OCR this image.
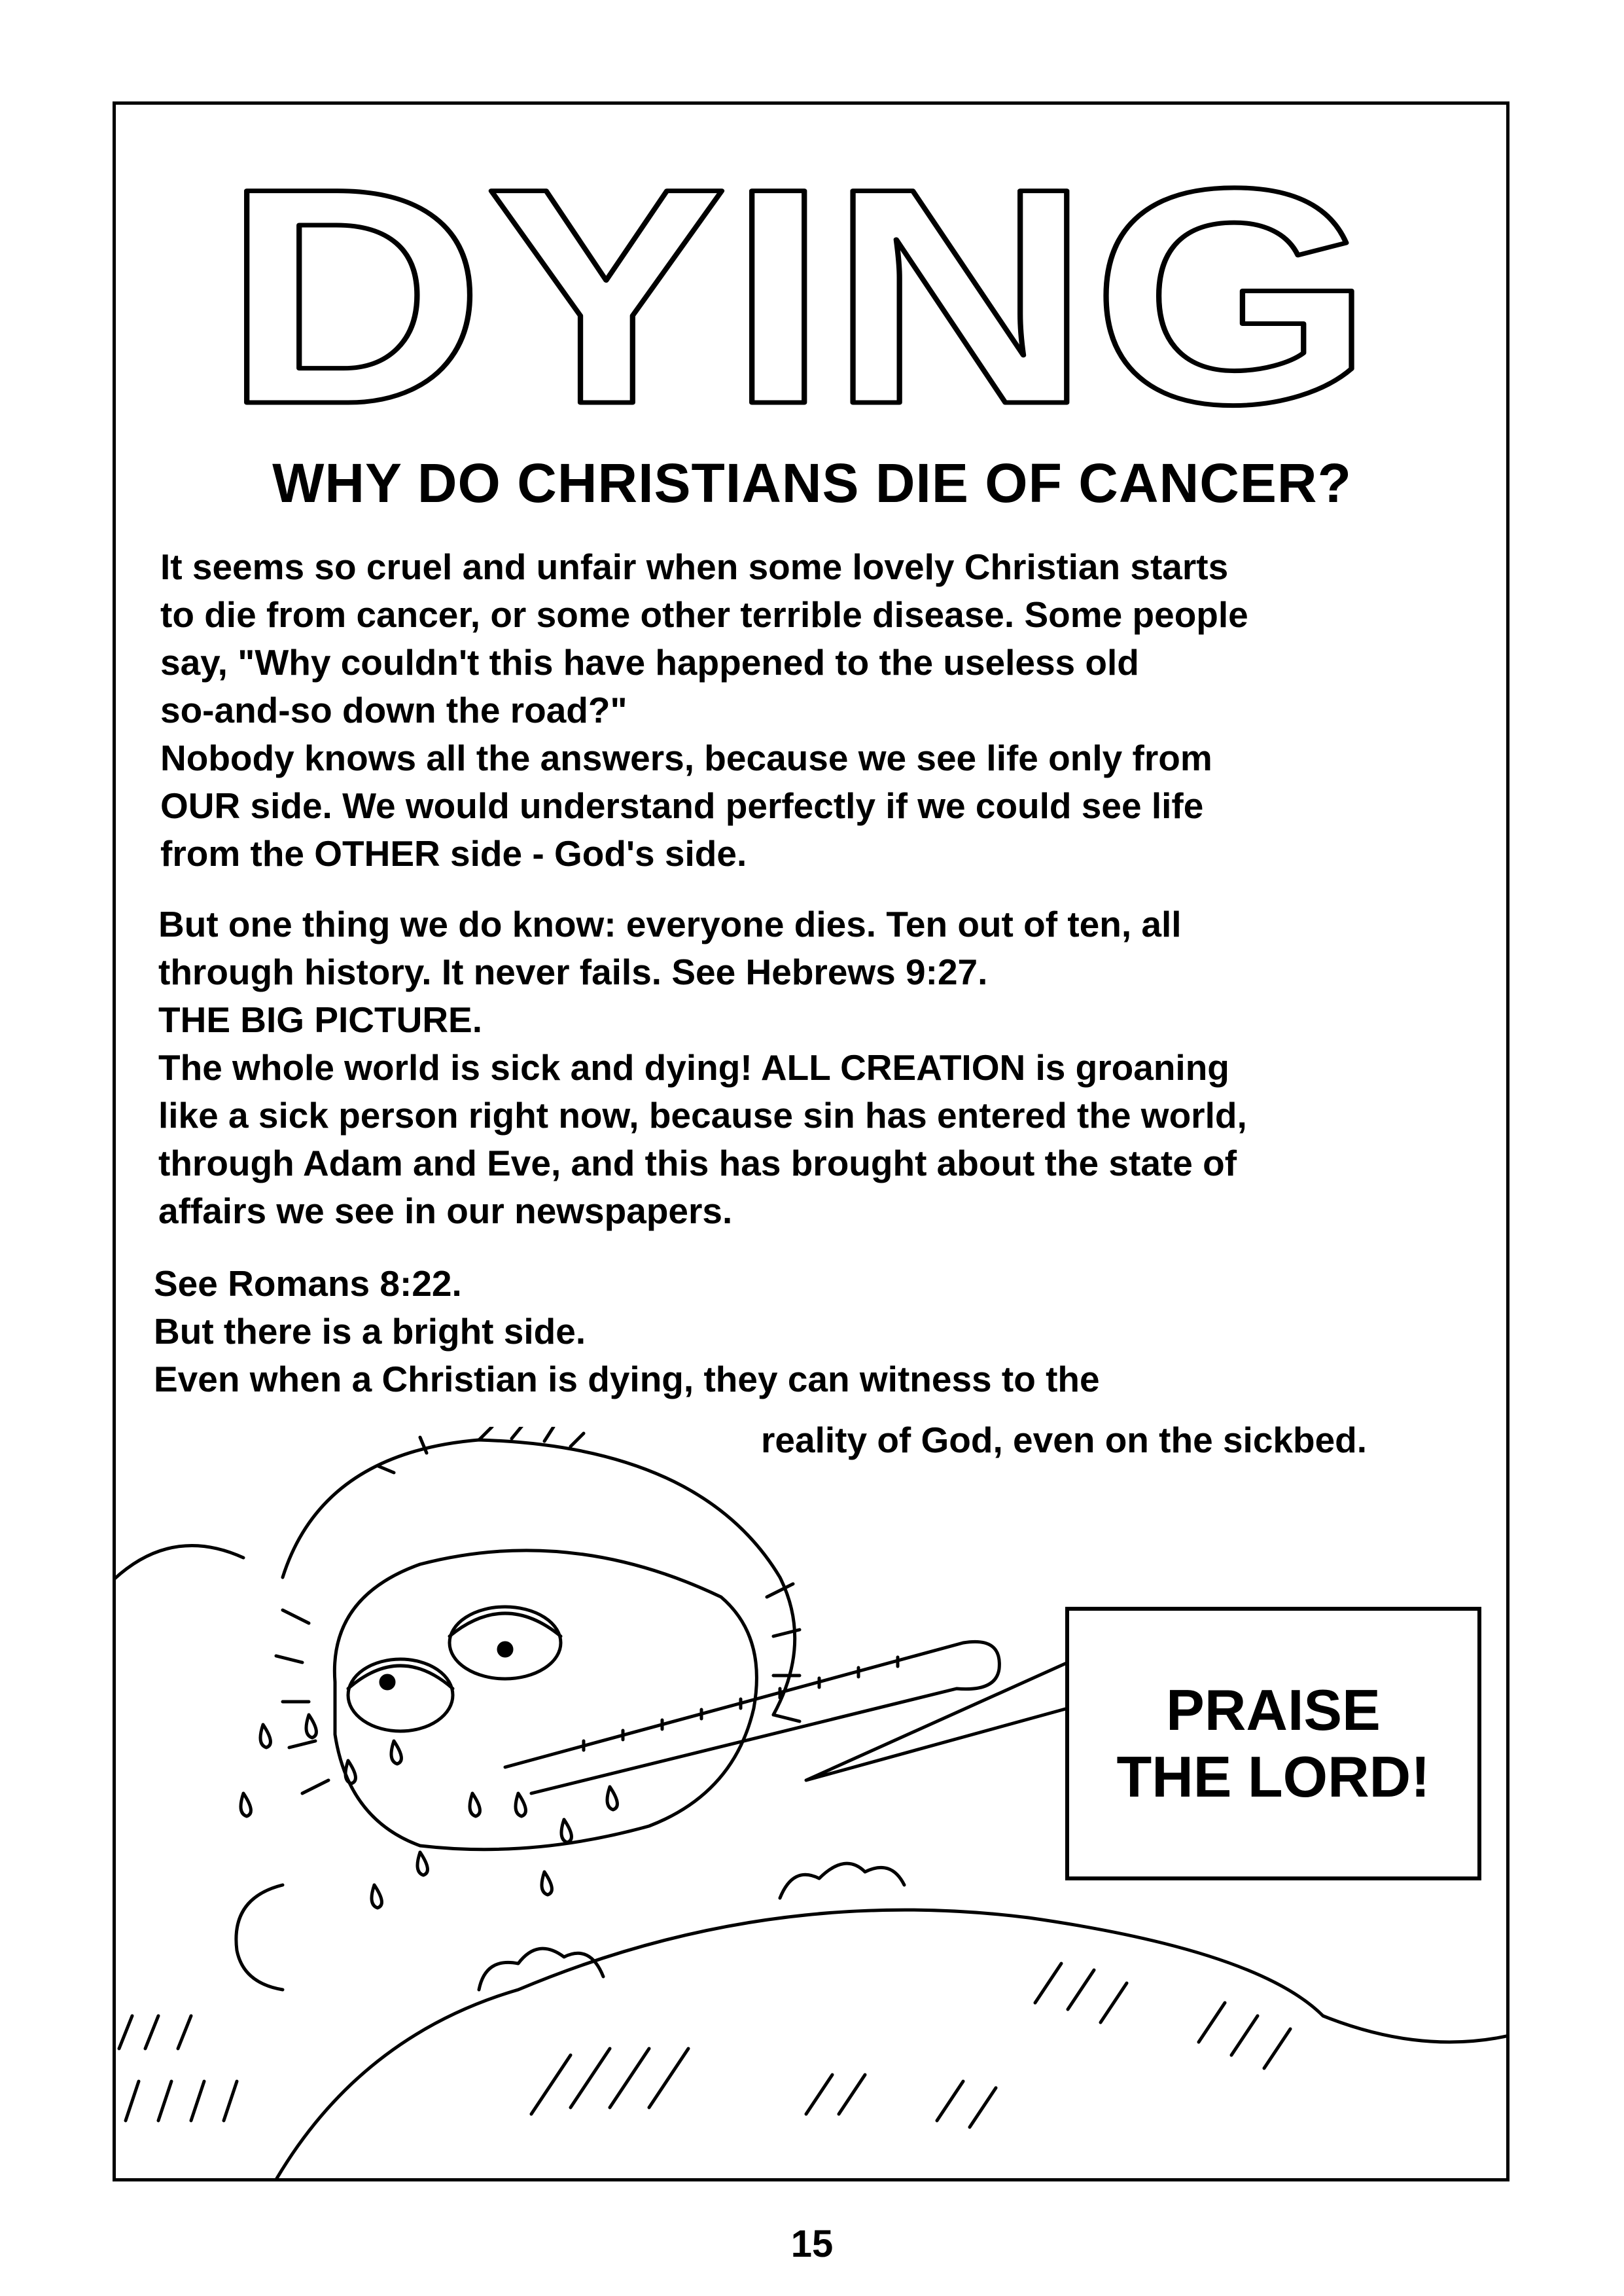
DYING
WHY DO CHRISTIANS DIE OF CANCER?
It seems so cruel and unfair when some lovely Christian starts
to die from cancer, or some other terrible disease. Some people
say, "Why couldn't this have happened to the useless old
so-and-so down the road?"
Nobody knows all the answers, because we see life only from
OUR side. We would understand perfectly if we could see life
from the OTHER side - God's side.
But one thing we do know: everyone dies. Ten out of ten, all
through history. It never fails. See Hebrews 9:27.
THE BIG PICTURE.
The whole world is sick and dying! ALL CREATION is groaning
like a sick person right now, because sin has entered the world,
through Adam and Eve, and this has brought about the state of
affairs we see in our newspapers.
See Romans 8:22.
But there is a bright side.
Even when a Christian is dying, they can witness to the
reality of God, even on the sickbed.
PRAISE
THE LORD!
15
